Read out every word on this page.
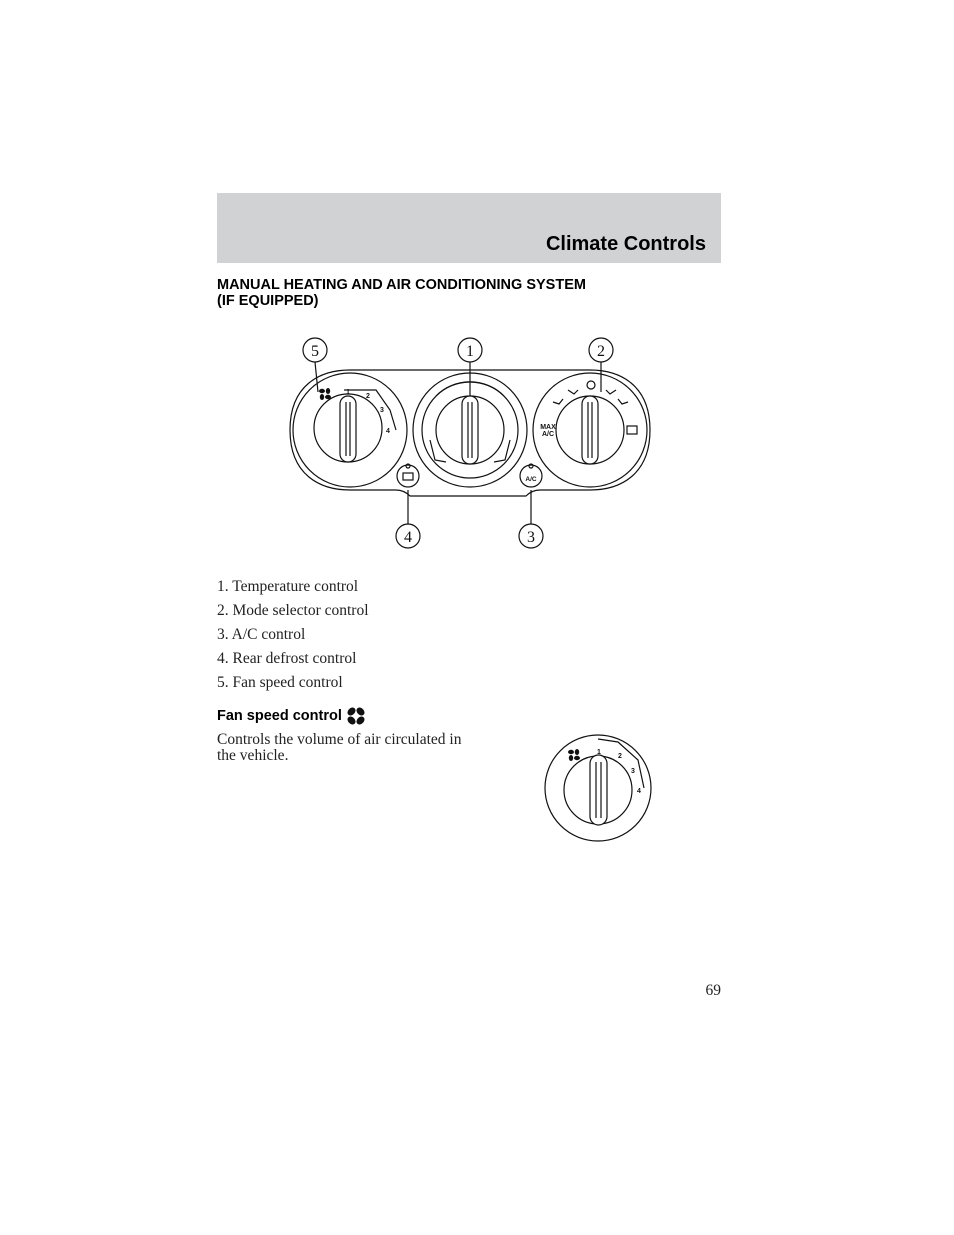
Climate Controls
MANUAL HEATING AND AIR CONDITIONING SYSTEM
(IF EQUIPPED)
5	1	2
4	3
1
2
3
4
MAX
A/C
A/C
1. Temperature control
2. Mode selector control
3. A/C control
4. Rear defrost control
5. Fan speed control
Fan speed control
Controls the volume of air circulated in the vehicle.	1
2
3
4
69
